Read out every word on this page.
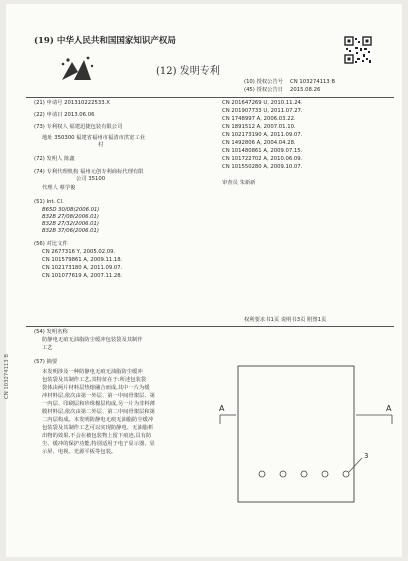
(19) 中华人民共和国国家知识产权局
(12) 发明专利
(10) 授权公告号 CN 103274113 B
(45) 授权公告日 2015.08.26
(21) 申请号 201310222533.X
(22) 申请日 2013.06.06
(73) 专利权人 福建迅捷包装有限公司
地址 350300 福建省福州市福清市洪宽工业
村
(72) 发明人 陈鑫
(74) 专利代理机构 福州元创专利商标代理有限
公司 35100
代理人 蔡学俊
(51) Int. Cl.
B65D 30/08(2006.01)
B32B 27/08(2006.01)
B32B 27/32(2006.01)
B32B 37/06(2006.01)
(56) 对比文件
CN 2677316 Y, 2005.02.09.
CN 101579861 A, 2009.11.18.
CN 102173180 A, 2011.09.07.
CN 101077619 A, 2007.11.28.
CN 201647269 U, 2010.11.24.
CN 201907733 U, 2011.07.27.
CN 1748997 A, 2006.03.22.
CN 1891512 A, 2007.01.10.
CN 102173190 A, 2011.09.07.
CN 1492806 A, 2004.04.28.
CN 101480861 A, 2009.07.15.
CN 101722702 A, 2010.06.09.
CN 101550280 A, 2009.10.07.
审查员 朱新新
权利要求书1页 说明书3页 附图1页
(54) 发明名称
防静电无痕无油脂防尘缓冲包装袋及其制作
工艺
(57) 摘要
本发明涉及一种防静电无痕无油脂防尘缓冲
包装袋及其制作工艺,其特征在于:所述包装袋
袋体由两片材料层热熔融合而成,其中一片为缓
冲材料层,依次由第一外层、第一中间骨架层、第
一内层、印刷层和珍珠棉层构成,另一片为非料薄
膜材料层,依次由第二外层、第二中间骨架层和第
二内层构成。本发明防静电无痕无油脂防尘缓冲
包装袋及其制作工艺可以实现防静电、无油脂析
出物的效果,不会在被包装物上留下痕迹,具有防
尘、缓冲的保护功能,特别适用于电子显示器、显
示屏、电视、光源平板等包装。
CN 103274113 B
A	A
3
